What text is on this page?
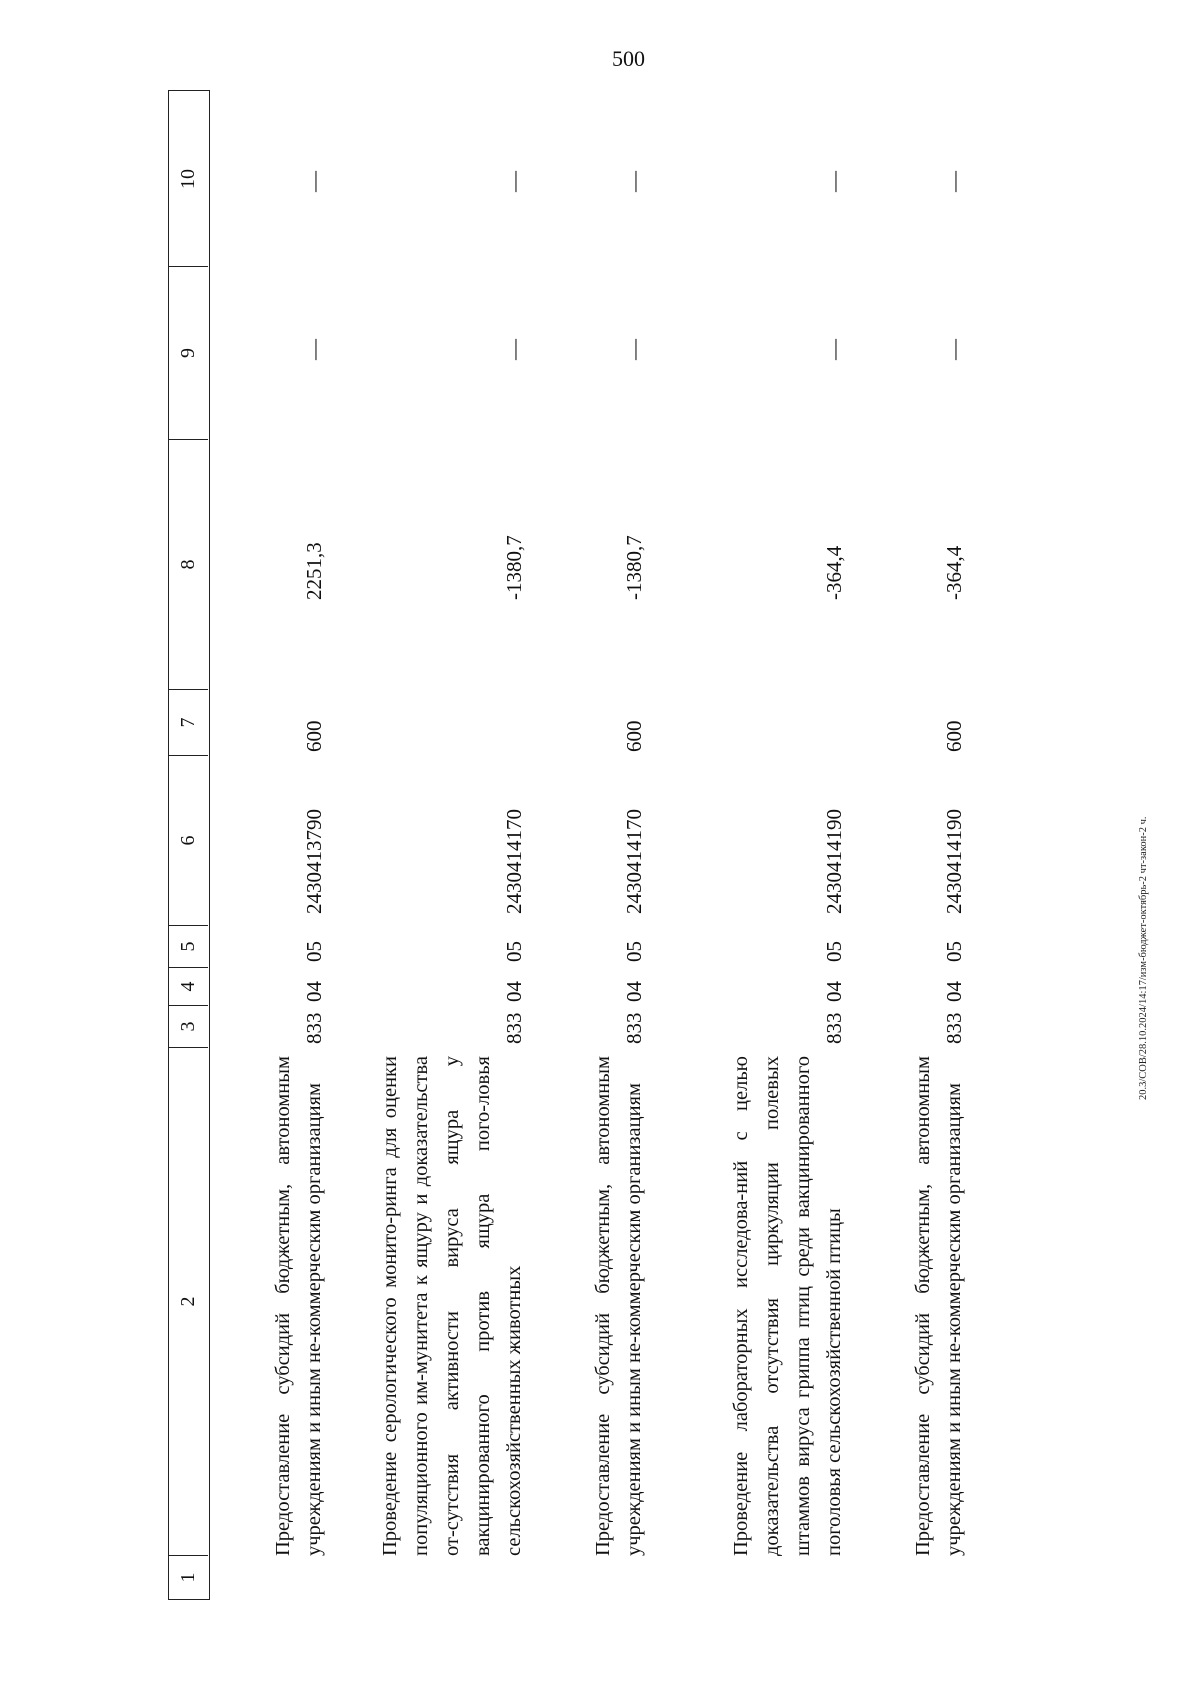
500
20.3/СОВ/28.10.2024/14:17/изм-бюджет-октябрь-2 чт-закон-2 ч.
1
2
3
4
5
6
7
8
9
10
Предоставление субсидий бюджетным, автономным учреждениям и иным не-коммерческим организациям
833
04
05
2430413790
600
2251,3
—
—
Проведение серологического монито-ринга для оценки популяционного им-мунитета к ящуру и доказательства от-сутствия активности вируса ящура у вакцинированного против ящура пого-ловья сельскохозяйственных животных
833
04
05
2430414170
-1380,7
—
—
Предоставление субсидий бюджетным, автономным учреждениям и иным не-коммерческим организациям
833
04
05
2430414170
600
-1380,7
—
—
Проведение лабораторных исследова-ний с целью доказательства отсутствия циркуляции полевых штаммов вируса гриппа птиц среди вакцинированного поголовья сельскохозяйственной птицы
833
04
05
2430414190
-364,4
—
—
Предоставление субсидий бюджетным, автономным учреждениям и иным не-коммерческим организациям
833
04
05
2430414190
600
-364,4
—
—
